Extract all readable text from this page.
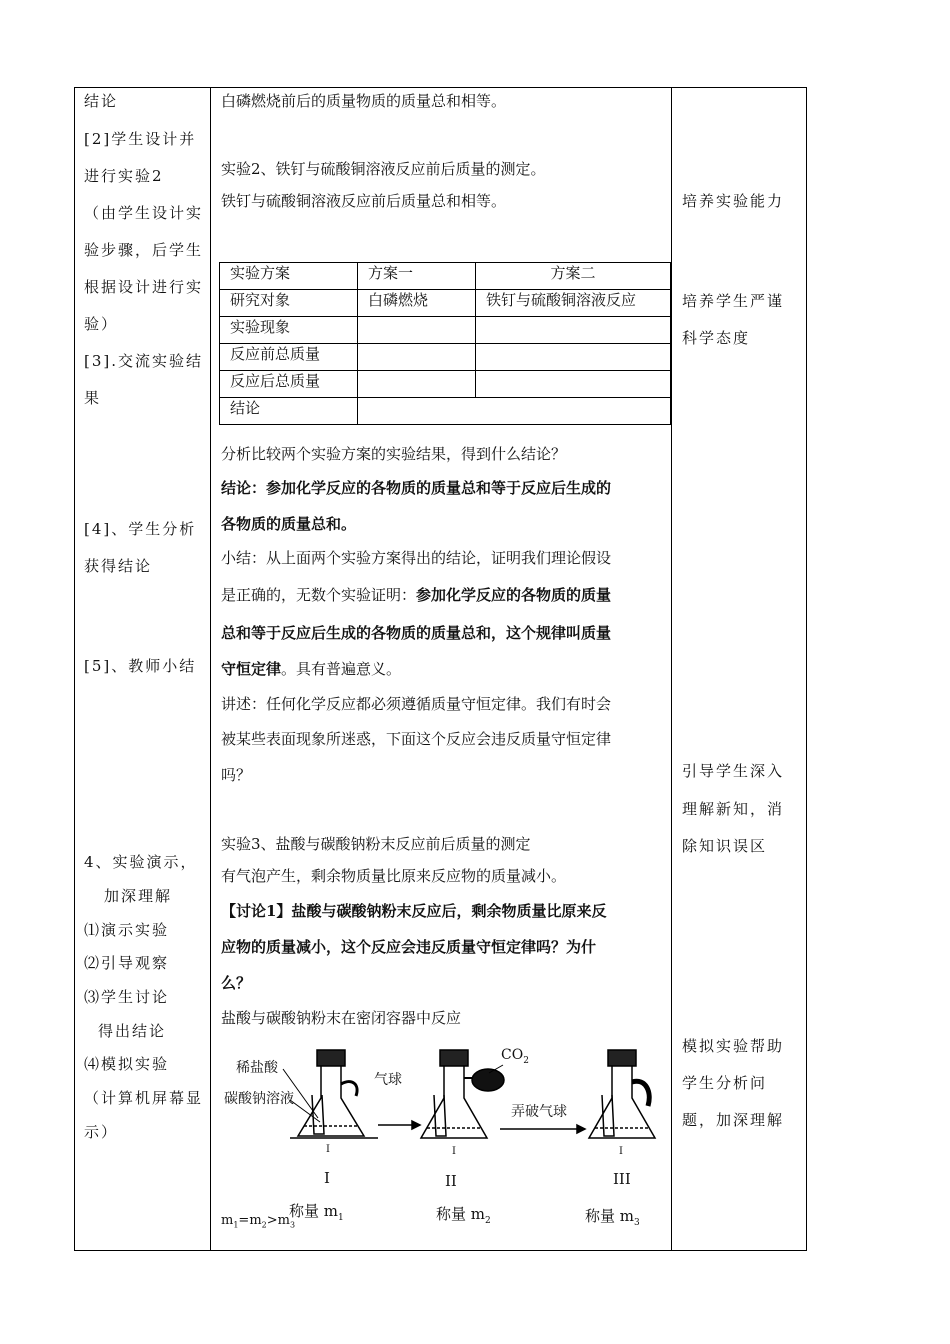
结论
[2]学生设计并
进行实验2
（由学生设计实
验步骤，后学生
根据设计进行实
验）
[3].交流实验结
果
[4]、学生分析
获得结论
[5]、教师小结
4、实验演示，
加深理解
⑴演示实验
⑵引导观察
⑶学生讨论
得出结论
⑷模拟实验
（计算机屏幕显
示）
白磷燃烧前后的质量物质的质量总和相等。
实验2、铁钉与硫酸铜溶液反应前后质量的测定。
铁钉与硫酸铜溶液反应前后质量总和相等。
实验方案	方案一	方案二
研究对象	白磷燃烧	铁钉与硫酸铜溶液反应
实验现象		
反应前总质量		
反应后总质量		
结论		
分析比较两个实验方案的实验结果，得到什么结论？
结论：参加化学反应的各物质的质量总和等于反应后生成的
各物质的质量总和。
小结：从上面两个实验方案得出的结论，证明我们理论假设
是正确的，无数个实验证明：参加化学反应的各物质的质量
总和等于反应后生成的各物质的质量总和，这个规律叫质量
守恒定律。具有普遍意义。
讲述：任何化学反应都必须遵循质量守恒定律。我们有时会
被某些表面现象所迷惑，下面这个反应会违反质量守恒定律
吗？
实验3、盐酸与碳酸钠粉末反应前后质量的测定
有气泡产生，剩余物质量比原来反应物的质量减小。
【讨论1】盐酸与碳酸钠粉末反应后，剩余物质量比原来反
应物的质量减小，这个反应会违反质量守恒定律吗？为什
么？
盐酸与碳酸钠粉末在密闭容器中反应
稀盐酸
碳酸钠溶液
气球
$CO_2$
弄破气球
I	I	I
I	II	III
称量 $m_1$	称量 $m_2$	称量 $m_3$
$m_1=m_2>m_3$
培养实验能力
培养学生严谨
科学态度
引导学生深入
理解新知，消
除知识误区
模拟实验帮助
学生分析问
题，加深理解
